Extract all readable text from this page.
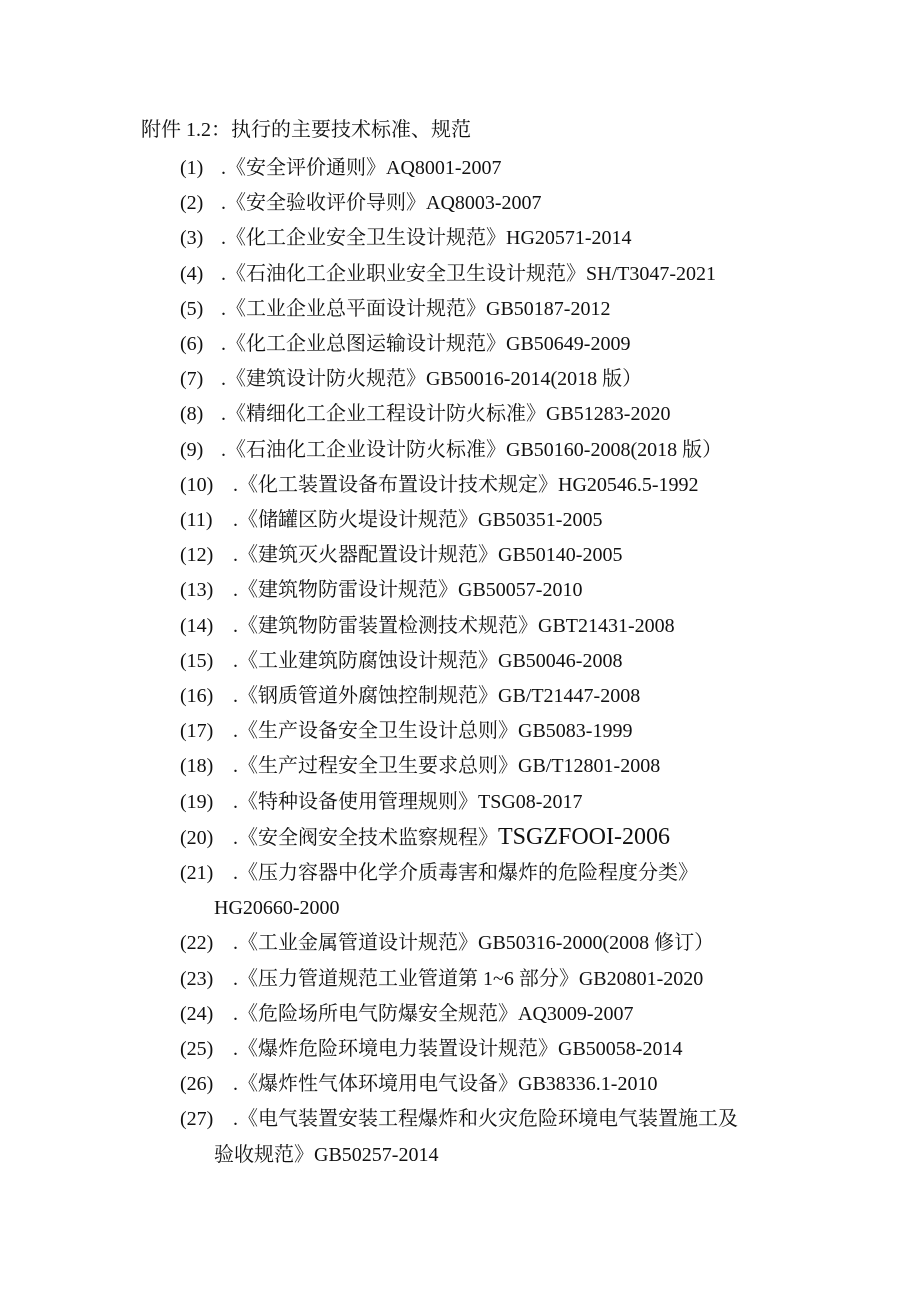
附件 1.2：执行的主要技术标准、规范
(1) .《安全评价通则》AQ8001-2007
(2) .《安全验收评价导则》AQ8003-2007
(3) .《化工企业安全卫生设计规范》HG20571-2014
(4) .《石油化工企业职业安全卫生设计规范》SH/T3047-2021
(5) .《工业企业总平面设计规范》GB50187-2012
(6) .《化工企业总图运输设计规范》GB50649-2009
(7) .《建筑设计防火规范》GB50016-2014(2018 版）
(8) .《精细化工企业工程设计防火标准》GB51283-2020
(9) .《石油化工企业设计防火标准》GB50160-2008(2018 版）
(10) .《化工装置设备布置设计技术规定》HG20546.5-1992
(11) .《储罐区防火堤设计规范》GB50351-2005
(12) .《建筑灭火器配置设计规范》GB50140-2005
(13) .《建筑物防雷设计规范》GB50057-2010
(14) .《建筑物防雷装置检测技术规范》GBT21431-2008
(15) .《工业建筑防腐蚀设计规范》GB50046-2008
(16) .《钢质管道外腐蚀控制规范》GB/T21447-2008
(17) .《生产设备安全卫生设计总则》GB5083-1999
(18) .《生产过程安全卫生要求总则》GB/T12801-2008
(19) .《特种设备使用管理规则》TSG08-2017
(20) .《安全阀安全技术监察规程》TSGZFOOI-2006
(21) .《压力容器中化学介质毒害和爆炸的危险程度分类》
HG20660-2000
(22) .《工业金属管道设计规范》GB50316-2000(2008 修订）
(23) .《压力管道规范工业管道第 1~6 部分》GB20801-2020
(24) .《危险场所电气防爆安全规范》AQ3009-2007
(25) .《爆炸危险环境电力装置设计规范》GB50058-2014
(26) .《爆炸性气体环境用电气设备》GB38336.1-2010
(27) .《电气装置安装工程爆炸和火灾危险环境电气装置施工及
验收规范》GB50257-2014
